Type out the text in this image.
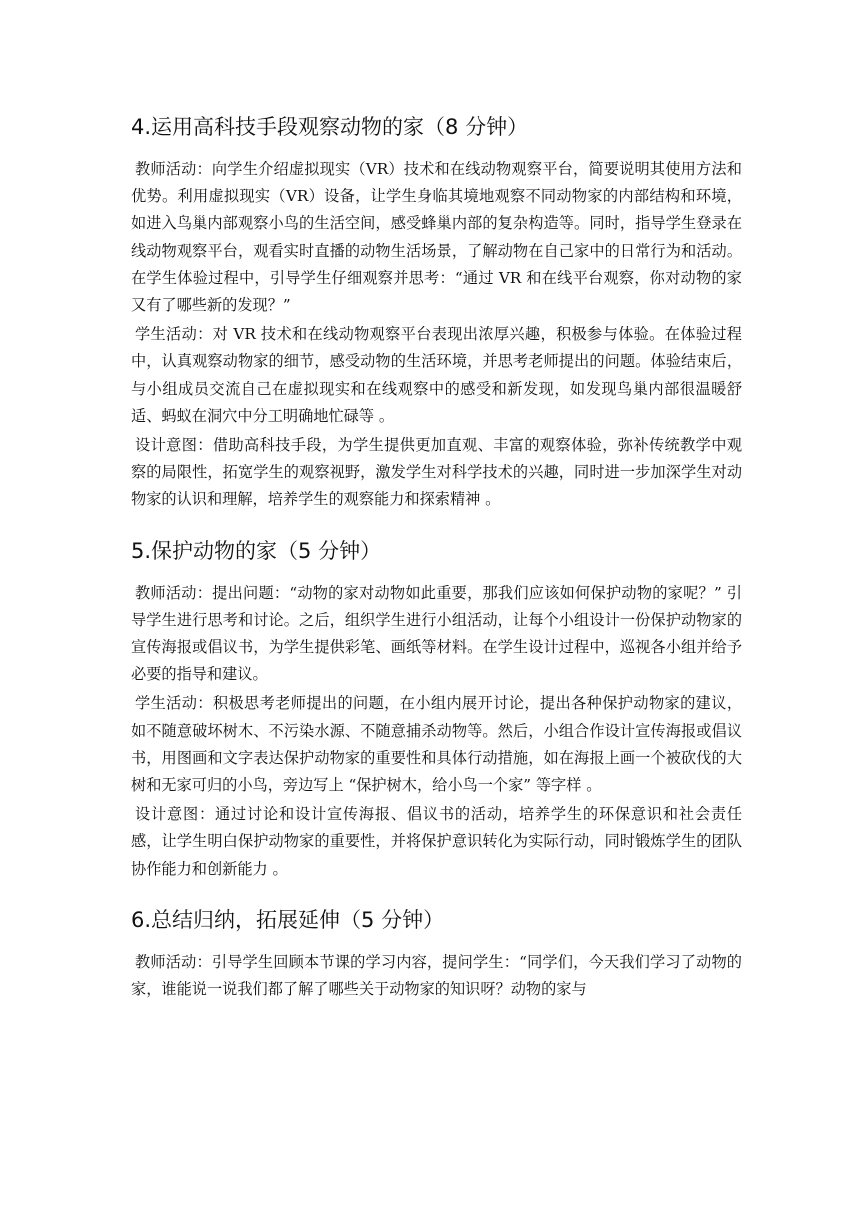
4.运用高科技手段观察动物的家（8 分钟）

教师活动：向学生介绍虚拟现实（VR）技术和在线动物观察平台，简要说明其使用方法和优势。利用虚拟现实（VR）设备，让学生身临其境地观察不同动物家的内部结构和环境，如进入鸟巢内部观察小鸟的生活空间，感受蜂巢内部的复杂构造等。同时，指导学生登录在线动物观察平台，观看实时直播的动物生活场景，了解动物在自己家中的日常行为和活动。在学生体验过程中，引导学生仔细观察并思考：“通过 VR 和在线平台观察，你对动物的家又有了哪些新的发现？”

学生活动：对 VR 技术和在线动物观察平台表现出浓厚兴趣，积极参与体验。在体验过程中，认真观察动物家的细节，感受动物的生活环境，并思考老师提出的问题。体验结束后，与小组成员交流自己在虚拟现实和在线观察中的感受和新发现，如发现鸟巢内部很温暖舒适、蚂蚁在洞穴中分工明确地忙碌等 。

设计意图：借助高科技手段，为学生提供更加直观、丰富的观察体验，弥补传统教学中观察的局限性，拓宽学生的观察视野，激发学生对科学技术的兴趣，同时进一步加深学生对动物家的认识和理解，培养学生的观察能力和探索精神 。

5.保护动物的家（5 分钟）

教师活动：提出问题：“动物的家对动物如此重要，那我们应该如何保护动物的家呢？” 引导学生进行思考和讨论。之后，组织学生进行小组活动，让每个小组设计一份保护动物家的宣传海报或倡议书，为学生提供彩笔、画纸等材料。在学生设计过程中，巡视各小组并给予必要的指导和建议。

学生活动：积极思考老师提出的问题，在小组内展开讨论，提出各种保护动物家的建议，如不随意破坏树木、不污染水源、不随意捕杀动物等。然后，小组合作设计宣传海报或倡议书，用图画和文字表达保护动物家的重要性和具体行动措施，如在海报上画一个被砍伐的大树和无家可归的小鸟，旁边写上 “保护树木，给小鸟一个家” 等字样 。

设计意图：通过讨论和设计宣传海报、倡议书的活动，培养学生的环保意识和社会责任感，让学生明白保护动物家的重要性，并将保护意识转化为实际行动，同时锻炼学生的团队协作能力和创新能力 。

6.总结归纳，拓展延伸（5 分钟）

教师活动：引导学生回顾本节课的学习内容，提问学生：“同学们，今天我们学习了动物的家，谁能说一说我们都了解了哪些关于动物家的知识呀？动物的家与
